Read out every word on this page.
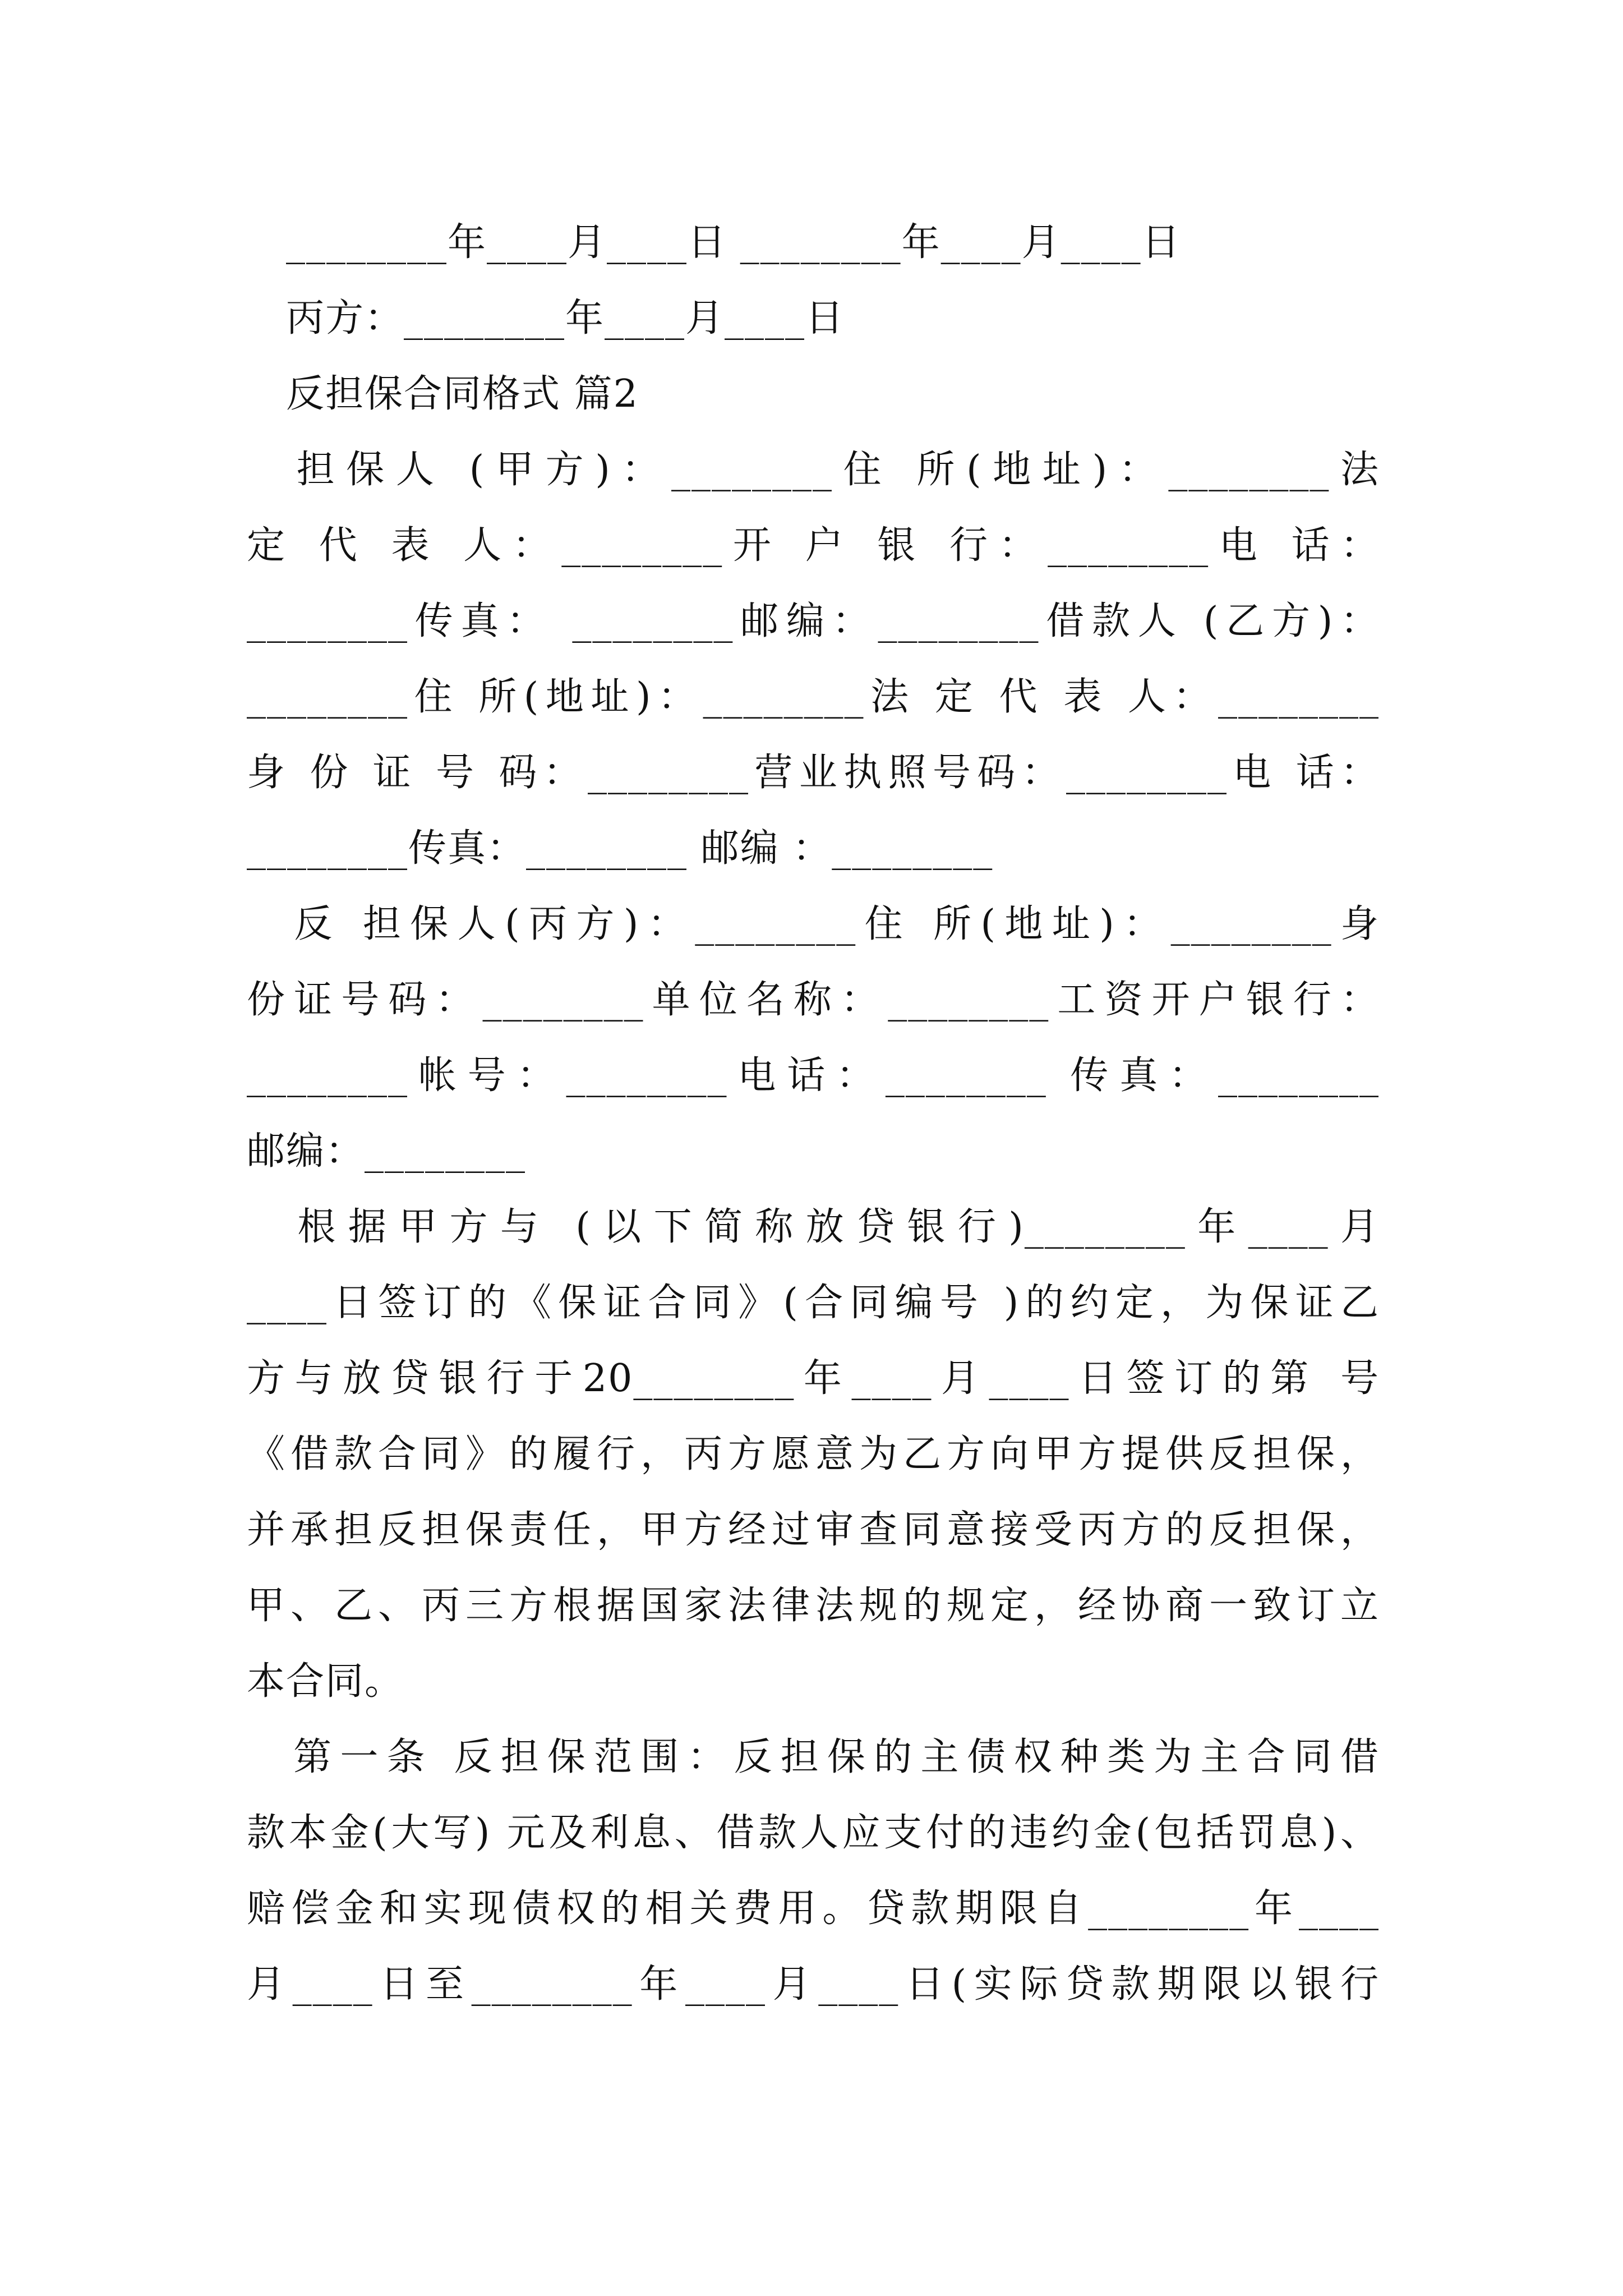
　________年____月____日 ________年____月____日
　丙方：________年____月____日
　反担保合同格式 篇2
　担保人 (甲方)：________住 所(地址)：________法
定 代 表 人：________开 户 银 行：________电 话：
________传真： ________邮编：________借款人 (乙方)：
________住 所(地址)：________法 定 代 表 人：________
身 份 证 号 码：________营业执照号码：________电 话：
________传真：________ 邮编 ：________
　反 担保人(丙方)：________住 所(地址)：________身
份证号码：________单位名称：________工资开户银行：
________帐号：________电话：________ 传真：________
邮编：________
　根据甲方与 (以下简称放贷银行)________年____月
____日签订的《保证合同》(合同编号 )的约定，为保证乙
方与放贷银行于20________年____月____日签订的第 号
《借款合同》的履行，丙方愿意为乙方向甲方提供反担保，
并承担反担保责任，甲方经过审查同意接受丙方的反担保，
甲、乙、丙三方根据国家法律法规的规定，经协商一致订立
本合同。
　第一条 反担保范围：反担保的主债权种类为主合同借
款本金(大写) 元及利息、借款人应支付的违约金(包括罚息)、
赔偿金和实现债权的相关费用。贷款期限自________年____
月____日至________年____月____日(实际贷款期限以银行
